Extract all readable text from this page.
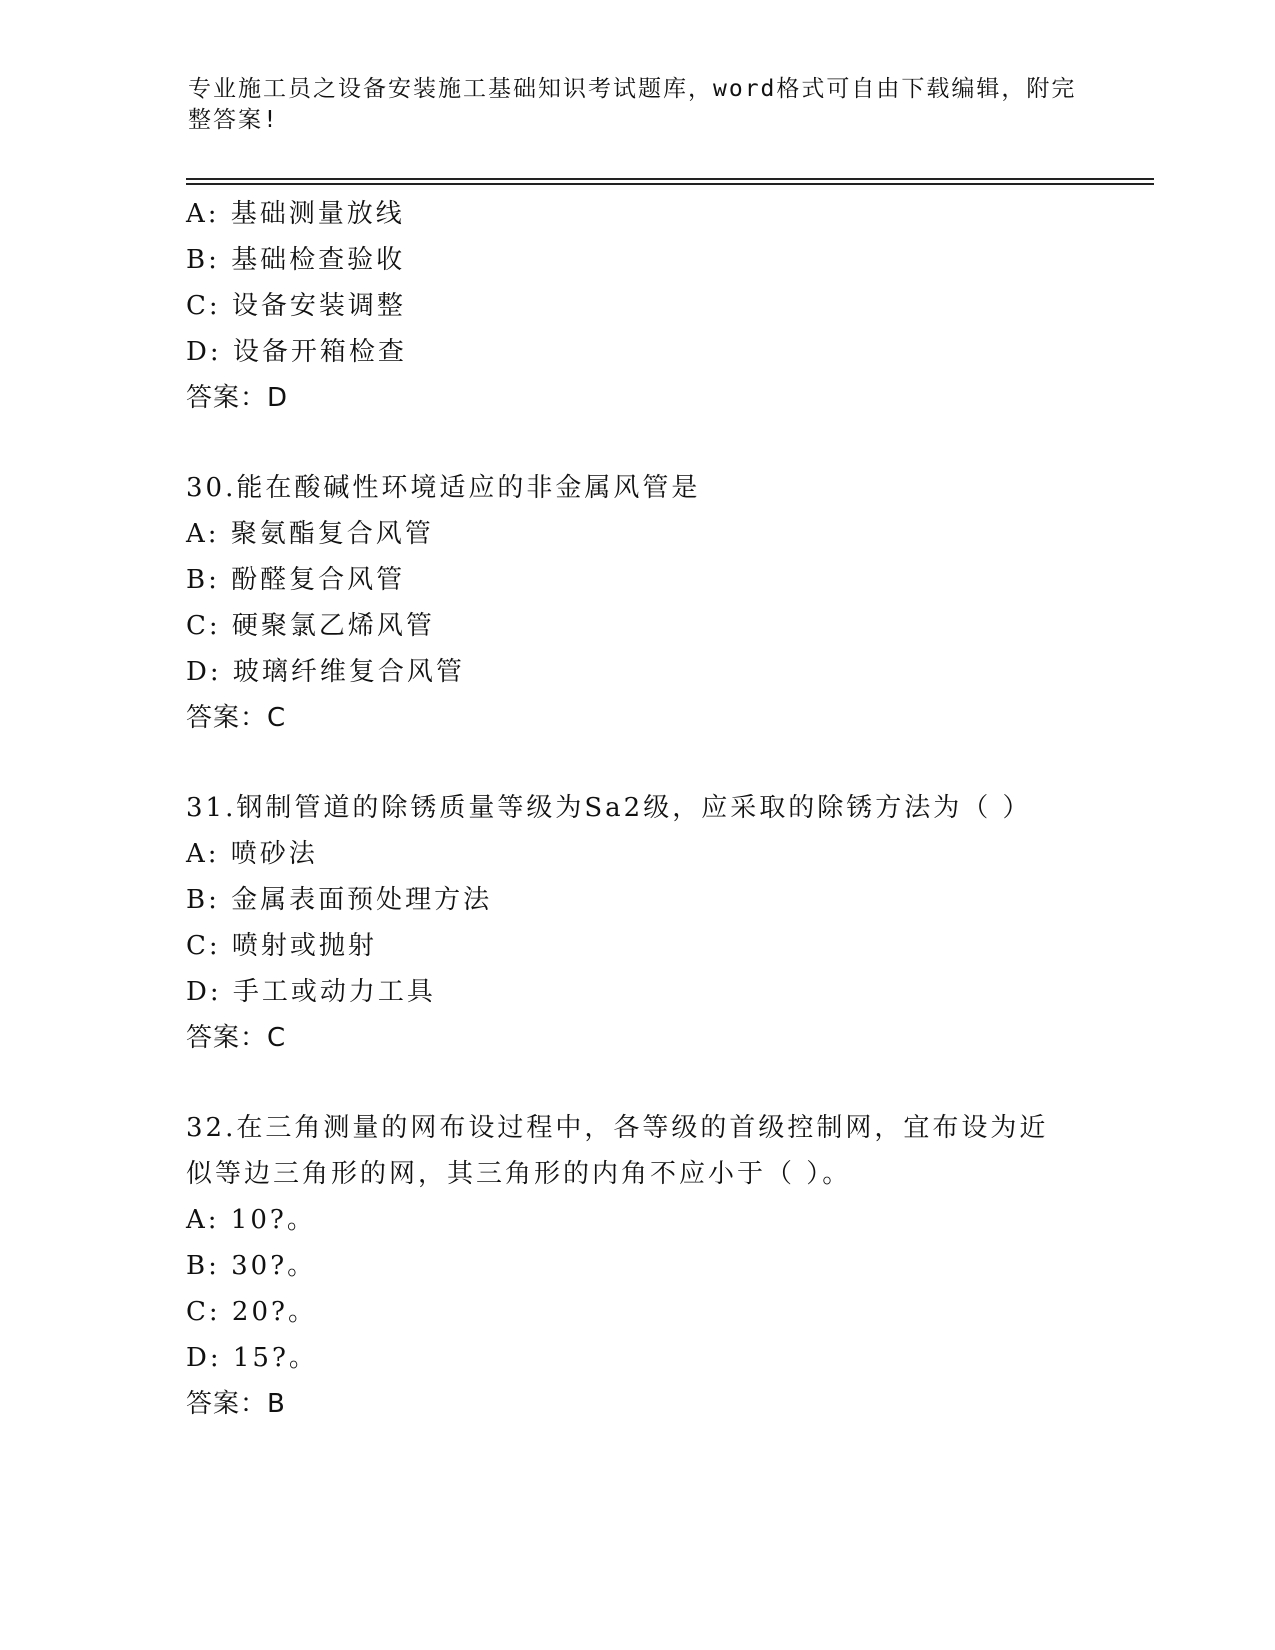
专业施工员之设备安装施工基础知识考试题库，word格式可自由下载编辑，附完整答案!
A: 基础测量放线
B: 基础检查验收
C: 设备安装调整
D: 设备开箱检查
答案：D
30.能在酸碱性环境适应的非金属风管是
A: 聚氨酯复合风管
B: 酚醛复合风管
C: 硬聚氯乙烯风管
D: 玻璃纤维复合风管
答案：C
31.钢制管道的除锈质量等级为Sa2级，应采取的除锈方法为（ ）
A: 喷砂法
B: 金属表面预处理方法
C: 喷射或抛射
D: 手工或动力工具
答案：C
32.在三角测量的网布设过程中，各等级的首级控制网，宜布设为近似等边三角形的网，其三角形的内角不应小于（ ）。
A: 10?。
B: 30?。
C: 20?。
D: 15?。
答案：B
